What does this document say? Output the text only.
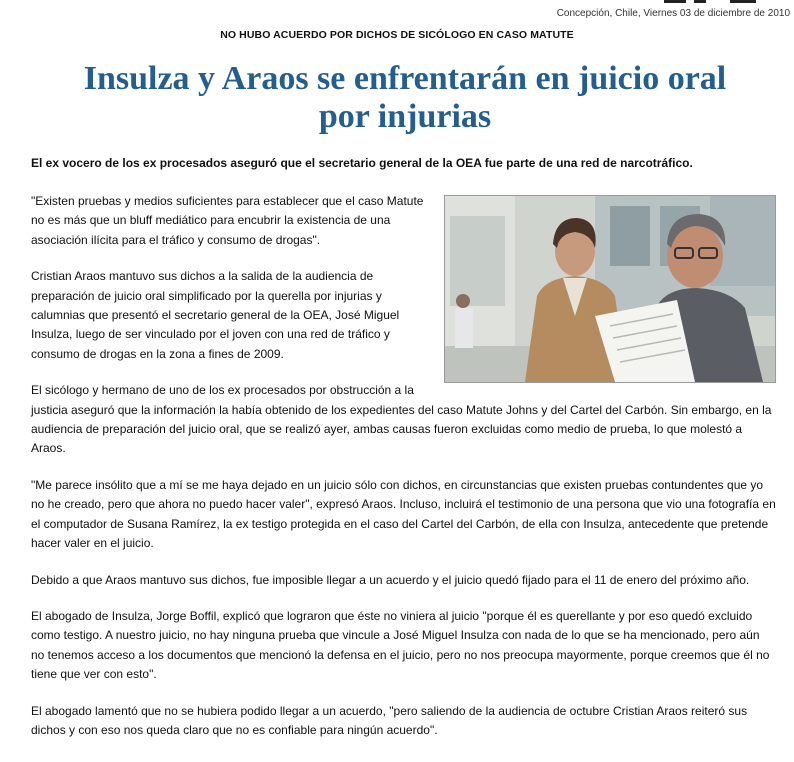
Concepción, Chile, Viernes 03 de diciembre de 2010
NO HUBO ACUERDO POR DICHOS DE SICÓLOGO EN CASO MATUTE
Insulza y Araos se enfrentarán en juicio oral
por injurias
El ex vocero de los ex procesados aseguró que el secretario general de la OEA fue parte de una red de narcotráfico.

"Existen pruebas y medios suficientes para establecer que el caso Matute no es más que un bluff mediático para encubrir la existencia de una asociación ilícita para el tráfico y consumo de drogas".

Cristian Araos mantuvo sus dichos a la salida de la audiencia de preparación de juicio oral simplificado por la querella por injurias y calumnias que presentó el secretario general de la OEA, José Miguel Insulza, luego de ser vinculado por el joven con una red de tráfico y consumo de drogas en la zona a fines de 2009.

El sicólogo y hermano de uno de los ex procesados por obstrucción a la justicia aseguró que la información la había obtenido de los expedientes del caso Matute Johns y del Cartel del Carbón. Sin embargo, en la audiencia de preparación del juicio oral, que se realizó ayer, ambas causas fueron excluidas como medio de prueba, lo que molestó a Araos.

"Me parece insólito que a mí se me haya dejado en un juicio sólo con dichos, en circunstancias que existen pruebas contundentes que yo no he creado, pero que ahora no puedo hacer valer", expresó Araos. Incluso, incluirá el testimonio de una persona que vio una fotografía en el computador de Susana Ramírez, la ex testigo protegida en el caso del Cartel del Carbón, de ella con Insulza, antecedente que pretende hacer valer en el juicio.

Debido a que Araos mantuvo sus dichos, fue imposible llegar a un acuerdo y el juicio quedó fijado para el 11 de enero del próximo año.

El abogado de Insulza, Jorge Boffil, explicó que lograron que éste no viniera al juicio "porque él es querellante y por eso quedó excluido como testigo. A nuestro juicio, no hay ninguna prueba que vincule a José Miguel Insulza con nada de lo que se ha mencionado, pero aún no tenemos acceso a los documentos que mencionó la defensa en el juicio, pero no nos preocupa mayormente, porque creemos que él no tiene que ver con esto".

El abogado lamentó que no se hubiera podido llegar a un acuerdo, "pero saliendo de la audiencia de octubre Cristian Araos reiteró sus dichos y con eso nos queda claro que no es confiable para ningún acuerdo".
